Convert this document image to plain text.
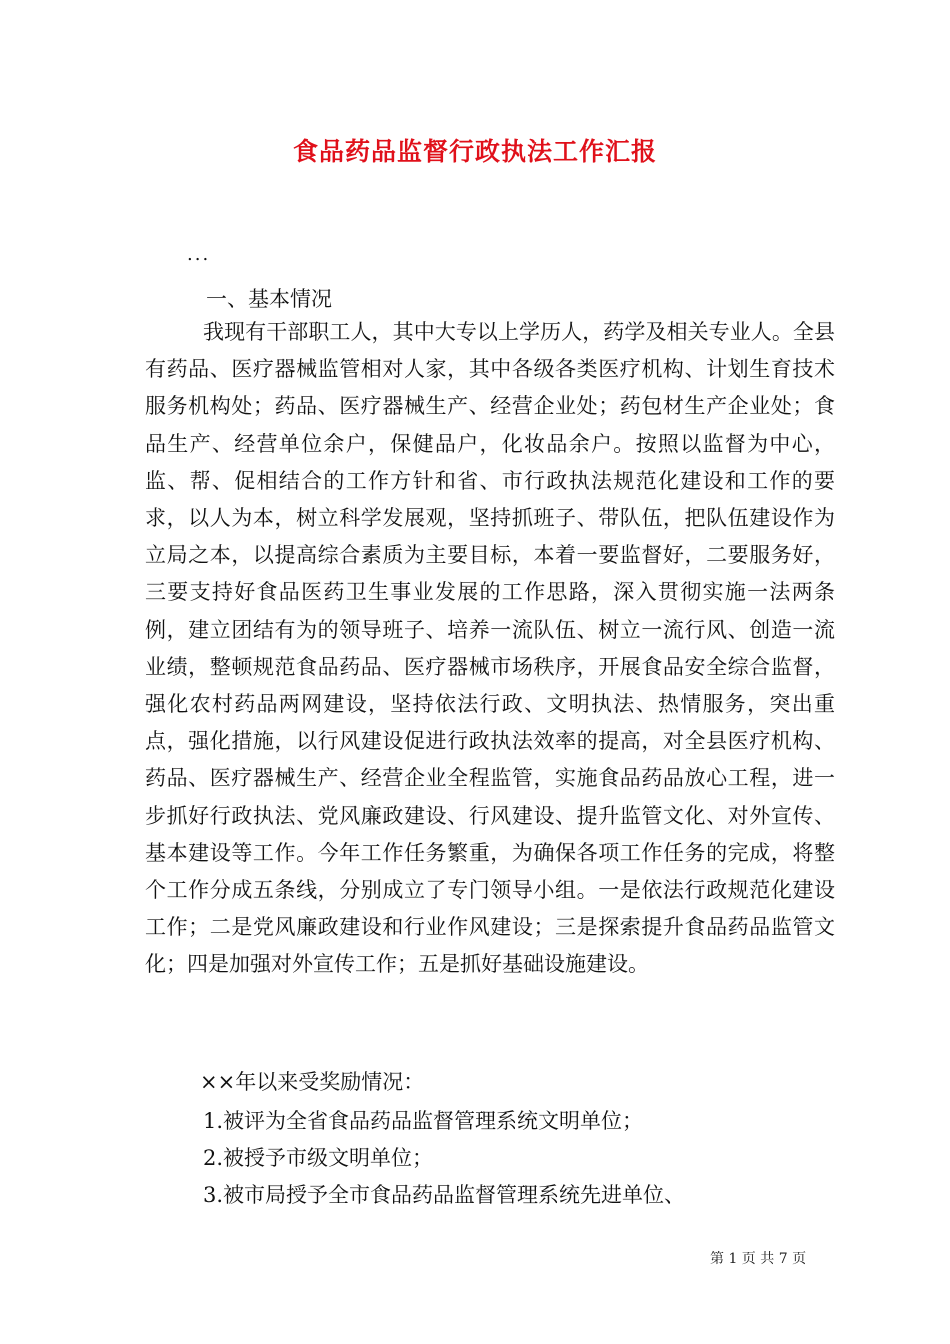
食品药品监督行政执法工作汇报
...
一、基本情况

我现有干部职工人，其中大专以上学历人，药学及相关专业人。全县有药品、医疗器械监管相对人家，其中各级各类医疗机构、计划生育技术服务机构处；药品、医疗器械生产、经营企业处；药包材生产企业处；食品生产、经营单位余户，保健品户，化妆品余户。按照以监督为中心，监、帮、促相结合的工作方针和省、市行政执法规范化建设和工作的要求，以人为本，树立科学发展观，坚持抓班子、带队伍，把队伍建设作为立局之本，以提高综合素质为主要目标，本着一要监督好，二要服务好，三要支持好食品医药卫生事业发展的工作思路，深入贯彻实施一法两条例，建立团结有为的领导班子、培养一流队伍、树立一流行风、创造一流业绩，整顿规范食品药品、医疗器械市场秩序，开展食品安全综合监督，强化农村药品两网建设，坚持依法行政、文明执法、热情服务，突出重点，强化措施，以行风建设促进行政执法效率的提高，对全县医疗机构、药品、医疗器械生产、经营企业全程监管，实施食品药品放心工程，进一步抓好行政执法、党风廉政建设、行风建设、提升监管文化、对外宣传、基本建设等工作。今年工作任务繁重，为确保各项工作任务的完成，将整个工作分成五条线，分别成立了专门领导小组。一是依法行政规范化建设工作；二是党风廉政建设和行业作风建设；三是探索提升食品药品监管文化；四是加强对外宣传工作；五是抓好基础设施建设。

××年以来受奖励情况：
1.被评为全省食品药品监督管理系统文明单位；
2.被授予市级文明单位；
3.被市局授予全市食品药品监督管理系统先进单位、
第 1 页 共 7 页
